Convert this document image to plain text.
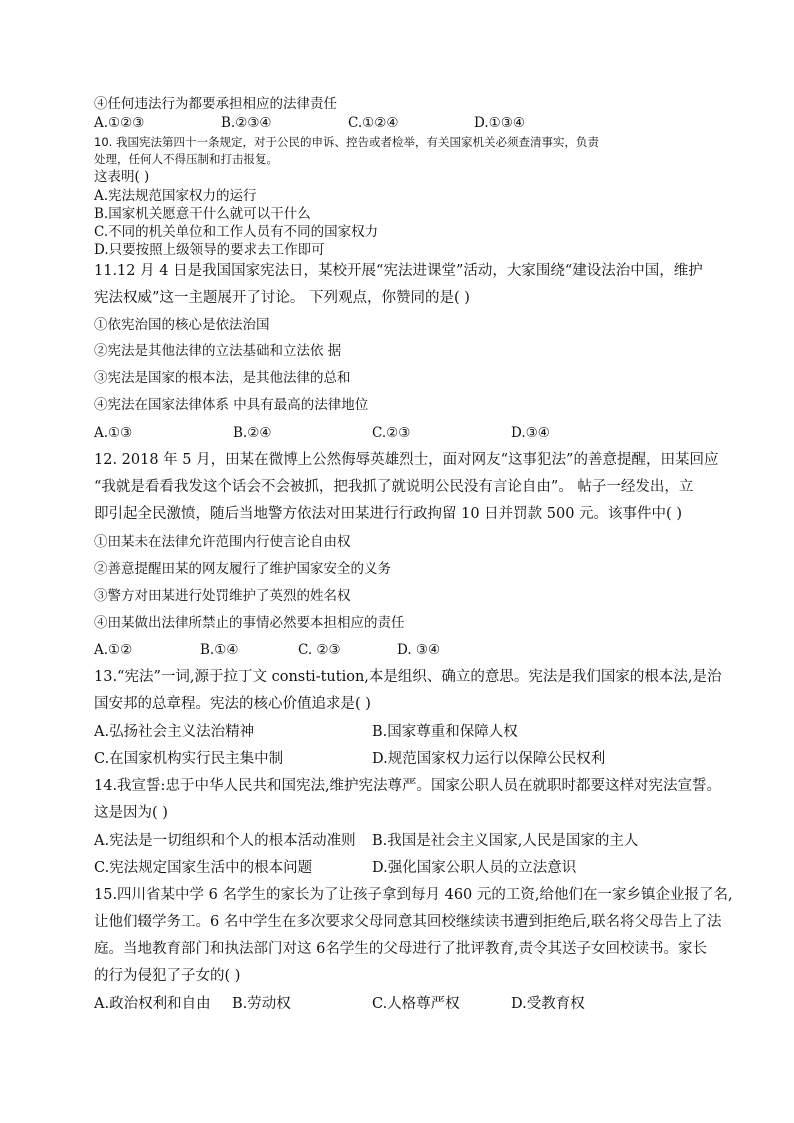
④任何违法行为都要承担相应的法律责任
A.①②③	B.②③④	C.①②④	D.①③④
10. 我国宪法第四十一条规定，对于公民的申诉、控告或者检举，有关国家机关必须查清事实，负责
处理，任何人不得压制和打击报复。
这表明( )
A.宪法规范国家权力的运行
B.国家机关愿意干什么就可以干什么
C.不同的机关单位和工作人员有不同的国家权力
D.只要按照上级领导的要求去工作即可
11.12 月 4 日是我国国家宪法日，某校开展“宪法进课堂”活动，大家围绕“建设法治中国，维护
宪法权威”这一主题展开了讨论。 下列观点，你赞同的是( )
①依宪治国的核心是依法治国
②宪法是其他法律的立法基础和立法依 据
③宪法是国家的根本法，是其他法律的总和
④宪法在国家法律体系 中具有最高的法律地位
A.①③	B.②④	C.②③	D.③④
12. 2018 年 5 月，田某在微博上公然侮辱英雄烈士，面对网友“这事犯法”的善意提醒，田某回应
“我就是看看我发这个话会不会被抓，把我抓了就说明公民没有言论自由”。 帖子一经发出，立
即引起全民激愤，随后当地警方依法对田某进行行政拘留 10 日并罚款 500 元。该事件中( )
①田某未在法律允许范围内行使言论自由权
②善意提醒田某的网友履行了维护国家安全的义务
③警方对田某进行处罚维护了英烈的姓名权
④田某做出法律所禁止的事情必然要本担相应的责任
A.①②	B.①④	C. ②③	D. ③④
13.“宪法”一词,源于拉丁文 consti-tution,本是组织、确立的意思。宪法是我们国家的根本法,是治
国安邦的总章程。宪法的核心价值追求是( )
A.弘扬社会主义法治精神	B.国家尊重和保障人权
C.在国家机构实行民主集中制	D.规范国家权力运行以保障公民权利
14.我宣誓:忠于中华人民共和国宪法,维护宪法尊严。国家公职人员在就职时都要这样对宪法宣誓。
这是因为( )
A.宪法是一切组织和个人的根本活动准则 B.我国是社会主义国家,人民是国家的主人
C.宪法规定国家生活中的根本问题	D.强化国家公职人员的立法意识
15.四川省某中学 6 名学生的家长为了让孩子拿到每月 460 元的工资,给他们在一家乡镇企业报了名,
让他们辍学务工。6 名中学生在多次要求父母同意其回校继续读书遭到拒绝后,联名将父母告上了法
庭。当地教育部门和执法部门对这 6名学生的父母进行了批评教育,责令其送子女回校读书。家长
的行为侵犯了子女的( )
A.政治权利和自由 B.劳动权	C.人格尊严权	D.受教育权
